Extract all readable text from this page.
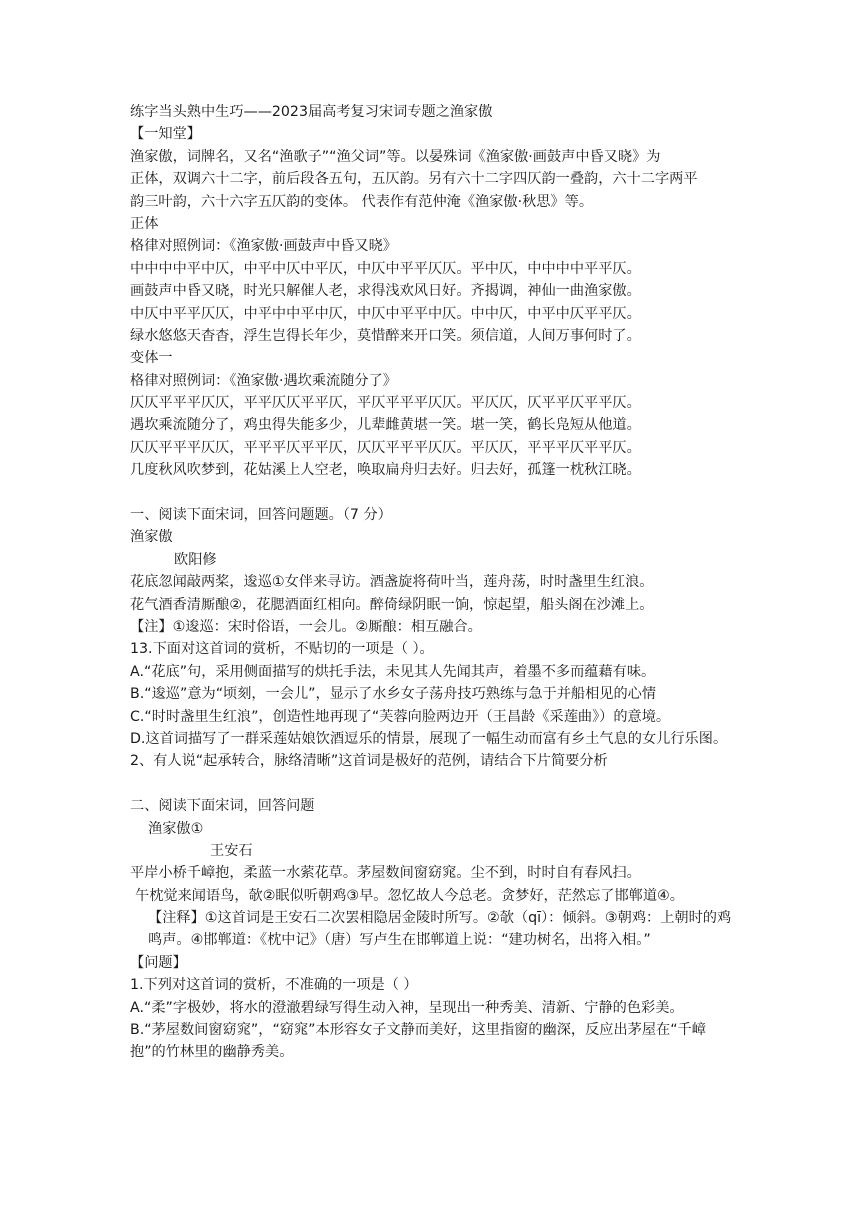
练字当头熟中生巧——2023届高考复习宋词专题之渔家傲
【一知堂】
渔家傲，词牌名，又名“渔歌子”“渔父词”等。以晏殊词《渔家傲·画鼓声中昏又晓》为
正体，双调六十二字，前后段各五句，五仄韵。另有六十二字四仄韵一叠韵，六十二字两平
韵三叶韵，六十六字五仄韵的变体。 代表作有范仲淹《渔家傲·秋思》等。
正体
格律对照例词：《渔家傲·画鼓声中昏又晓》
中中中中平中仄，中平中仄中平仄，中仄中平平仄仄。平中仄，中中中中平平仄。
画鼓声中昏又晓，时光只解催人老，求得浅欢风日好。齐揭调，神仙一曲渔家傲。
中仄中平平仄仄，中平中中平中仄，中仄中平平中仄。中中仄，中平中仄平平仄。
绿水悠悠天杳杳，浮生岂得长年少，莫惜醉来开口笑。须信道，人间万事何时了。
变体一
格律对照例词：《渔家傲·遇坎乘流随分了》
仄仄平平平仄仄，平平仄仄平平仄，平仄平平平仄仄。平仄仄，仄平平仄平平仄。
遇坎乘流随分了，鸡虫得失能多少，儿辈雌黄堪一笑。堪一笑，鹤长凫短从他道。
仄仄平平平仄仄，平平平仄平平仄，仄仄平平平仄仄。平仄仄，平平平仄平平仄。
几度秋风吹梦到，花姑溪上人空老，唤取扁舟归去好。归去好，孤篷一枕秋江晓。
一、阅读下面宋词，回答问题题。（7 分）
渔家傲
欧阳修
花底忽闻敲两桨，逡巡①女伴来寻访。酒盏旋将荷叶当，莲舟荡，时时盏里生红浪。
花气酒香清厮酿②，花腮酒面红相向。醉倚绿阴眠一饷，惊起望，船头阁在沙滩上。
【注】①逡巡：宋时俗语，一会儿。②厮酿：相互融合。
13.下面对这首词的赏析，不贴切的一项是（ ）。
A.“花底”句，采用侧面描写的烘托手法，未见其人先闻其声，着墨不多而蕴藉有味。
B.“逡巡”意为“顷刻，一会儿”，显示了水乡女子荡舟技巧熟练与急于并船相见的心情
C.“时时盏里生红浪”，创造性地再现了“芙蓉向脸两边开（王昌龄《采莲曲》）的意境。
D.这首词描写了一群采莲姑娘饮酒逗乐的情景，展现了一幅生动而富有乡土气息的女儿行乐图。
2、有人说“起承转合，脉络清晰”这首词是极好的范例，请结合下片简要分析
二、阅读下面宋词，回答问题
渔家傲①
王安石
平岸小桥千嶂抱，柔蓝一水萦花草。茅屋数间窗窈窕。尘不到，时时自有春风扫。
午枕觉来闻语鸟，欹②眠似听朝鸡③早。忽忆故人今总老。贪梦好，茫然忘了邯郸道④。
【注释】①这首词是王安石二次罢相隐居金陵时所写。②欹（qī）：倾斜。③朝鸡：上朝时的鸡鸣声。④邯郸道：《枕中记》（唐）写卢生在邯郸道上说：“建功树名，出将入相。”
【问题】
1.下列对这首词的赏析，不准确的一项是（ ）
A.“柔”字极妙，将水的澄澈碧绿写得生动入神，呈现出一种秀美、清新、宁静的色彩美。
B.“茅屋数间窗窈窕”，“窈窕”本形容女子文静而美好，这里指窗的幽深，反应出茅屋在“千嶂抱”的竹林里的幽静秀美。
